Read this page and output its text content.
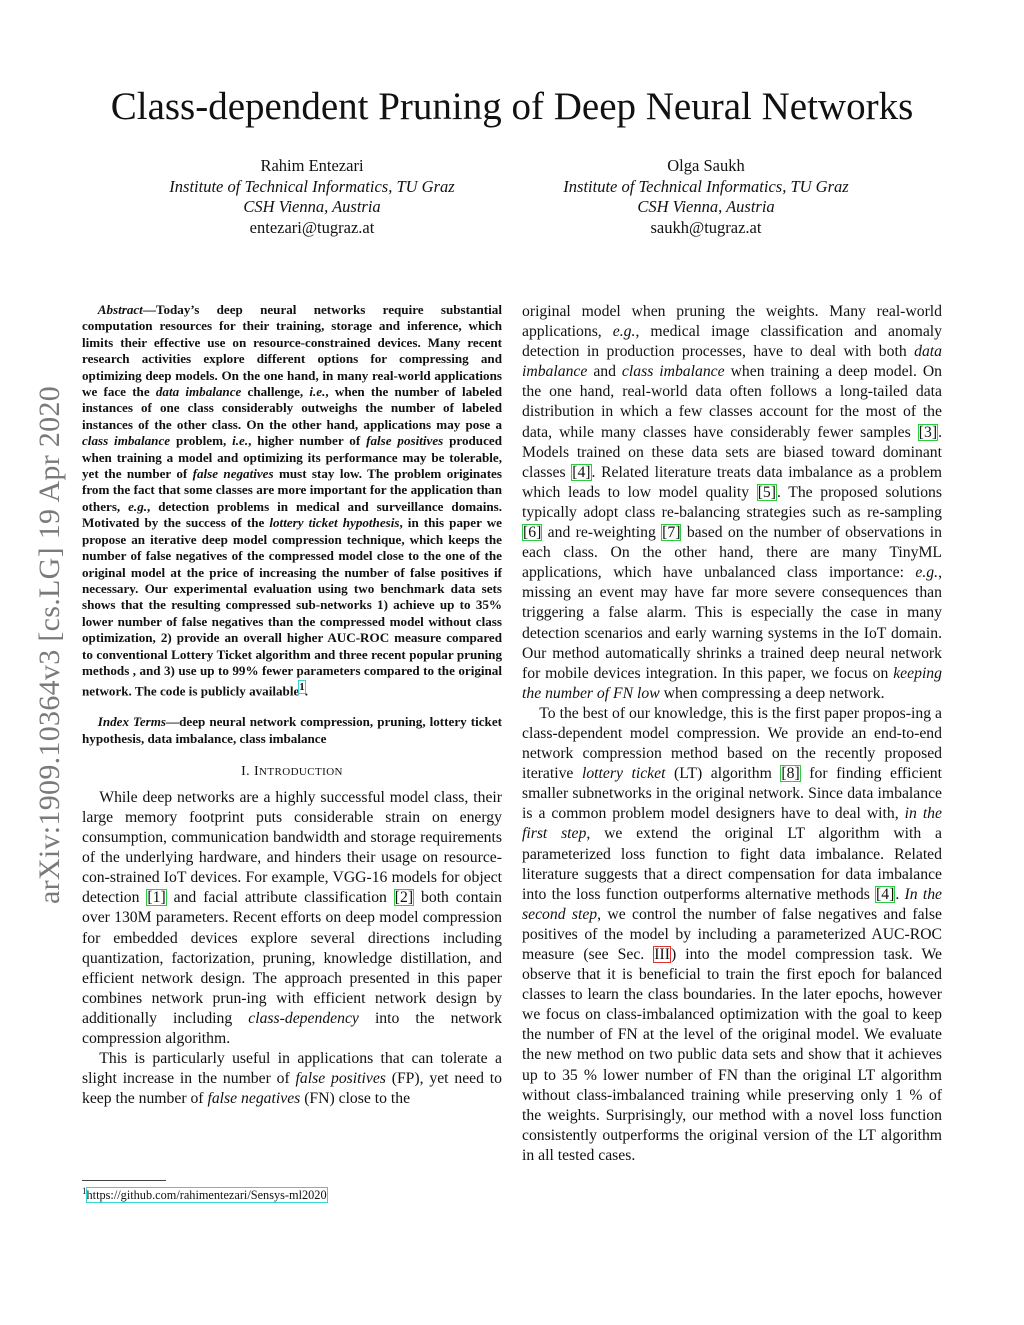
Class-dependent Pruning of Deep Neural Networks
Rahim Entezari
Institute of Technical Informatics, TU Graz
CSH Vienna, Austria
entezari@tugraz.at
Olga Saukh
Institute of Technical Informatics, TU Graz
CSH Vienna, Austria
saukh@tugraz.at
arXiv:1909.10364v3 [cs.LG] 19 Apr 2020

Abstract—Today’s deep neural networks require substantial computation resources for their training, storage and inference, which limits their effective use on resource-constrained devices. Many recent research activities explore different options for compressing and optimizing deep models. On the one hand, in many real-world applications we face the data imbalance challenge, i.e., when the number of labeled instances of one class considerably outweighs the number of labeled instances of the other class. On the other hand, applications may pose a class imbalance problem, i.e., higher number of false positives produced when training a model and optimizing its performance may be tolerable, yet the number of false negatives must stay low. The problem originates from the fact that some classes are more important for the application than others, e.g., detection problems in medical and surveillance domains. Motivated by the success of the lottery ticket hypothesis, in this paper we propose an iterative deep model compression technique, which keeps the number of false negatives of the compressed model close to the one of the original model at the price of increasing the number of false positives if necessary. Our experimental evaluation using two benchmark data sets shows that the resulting compressed sub-networks 1) achieve up to 35% lower number of false negatives than the compressed model without class optimization, 2) provide an overall higher AUC-ROC measure compared to conventional Lottery Ticket algorithm and three recent popular pruning methods , and 3) use up to 99% fewer parameters compared to the original network. The code is publicly available$^1$.

Index Terms—deep neural network compression, pruning, lottery ticket hypothesis, data imbalance, class imbalance

I. INTRODUCTION

While deep networks are a highly successful model class, their large memory footprint puts considerable strain on energy consumption, communication bandwidth and storage requirements of the underlying hardware, and hinders their usage on resource-con-strained IoT devices. For example, VGG-16 models for object detection [1] and facial attribute classification [2] both contain over 130M parameters. Recent efforts on deep model compression for embedded devices explore several directions including quantization, factorization, pruning, knowledge distillation, and efficient network design. The approach presented in this paper combines network prun-ing with efficient network design by additionally including class-dependency into the network compression algorithm.

This is particularly useful in applications that can tolerate a slight increase in the number of false positives (FP), yet need to keep the number of false negatives (FN) close to the

original model when pruning the weights. Many real-world applications, e.g., medical image classification and anomaly detection in production processes, have to deal with both data imbalance and class imbalance when training a deep model. On the one hand, real-world data often follows a long-tailed data distribution in which a few classes account for the most of the data, while many classes have considerably fewer samples [3]. Models trained on these data sets are biased toward dominant classes [4]. Related literature treats data imbalance as a problem which leads to low model quality [5]. The proposed solutions typically adopt class re-balancing strategies such as re-sampling [6] and re-weighting [7] based on the number of observations in each class. On the other hand, there are many TinyML applications, which have unbalanced class importance: e.g., missing an event may have far more severe consequences than triggering a false alarm. This is especially the case in many detection scenarios and early warning systems in the IoT domain. Our method automatically shrinks a trained deep neural network for mobile devices integration. In this paper, we focus on keeping the number of FN low when compressing a deep network.

To the best of our knowledge, this is the first paper propos-ing a class-dependent model compression. We provide an end-to-end network compression method based on the recently proposed iterative lottery ticket (LT) algorithm [8] for finding efficient smaller subnetworks in the original network. Since data imbalance is a common problem model designers have to deal with, in the first step, we extend the original LT algorithm with a parameterized loss function to fight data imbalance. Related literature suggests that a direct compensation for data imbalance into the loss function outperforms alternative methods [4]. In the second step, we control the number of false negatives and false positives of the model by including a parameterized AUC-ROC measure (see Sec. III) into the model compression task. We observe that it is beneficial to train the first epoch for balanced classes to learn the class boundaries. In the later epochs, however we focus on class-imbalanced optimization with the goal to keep the number of FN at the level of the original model. We evaluate the new method on two public data sets and show that it achieves up to 35 % lower number of FN than the original LT algorithm without class-imbalanced training while preserving only 1 % of the weights. Surprisingly, our method with a novel loss function consistently outperforms the original version of the LT algorithm in all tested cases.

$^1$https://github.com/rahimentezari/Sensys-ml2020
